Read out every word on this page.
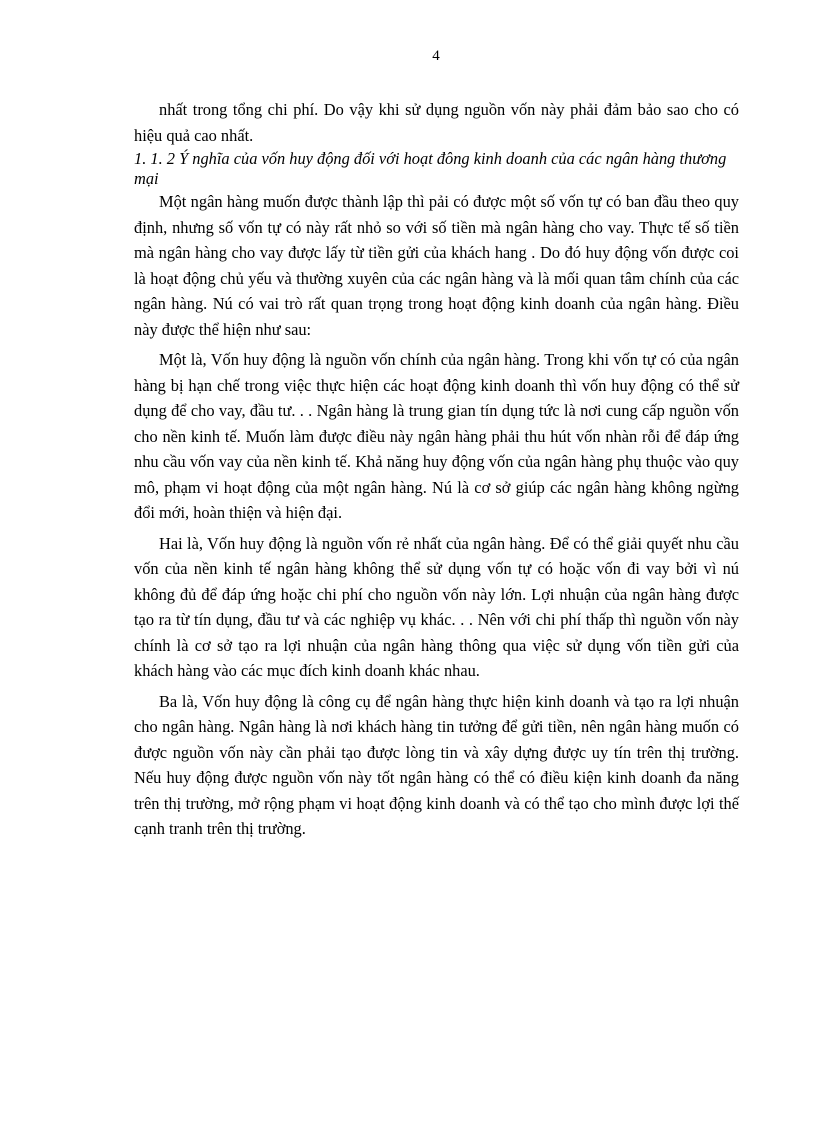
4

nhất trong tổng chi phí. Do vậy khi sử dụng nguồn vốn này phải đảm bảo sao cho có hiệu quả cao nhất.

1. 1. 2 Ý nghĩa của vốn huy động đối với hoạt đông kinh doanh của các ngân hàng thương mại

Một ngân hàng muốn được thành lập thì pải có được một số vốn tự có ban đầu theo quy định, nhưng số vốn tự có này rất nhỏ so với số tiền mà ngân hàng cho vay. Thực tế số tiền mà ngân hàng cho vay được lấy từ tiền gửi của khách hang . Do đó huy động vốn được coi là hoạt động chủ yếu và thường xuyên của các ngân hàng và là mối quan tâm chính của các ngân hàng. Nú có vai trò rất quan trọng trong hoạt động kinh doanh của ngân hàng. Điều này được thể hiện như sau:

Một là, Vốn huy động là nguồn vốn chính của ngân hàng. Trong khi vốn tự có của ngân hàng bị hạn chế trong việc thực hiện các hoạt động kinh doanh thì vốn huy động có thể sử dụng để cho vay, đầu tư. . . Ngân hàng là trung gian tín dụng tức là nơi cung cấp nguồn vốn cho nền kinh tế. Muốn làm được điều này ngân hàng phải thu hút vốn nhàn rỗi để đáp ứng nhu cầu vốn vay của nền kinh tế. Khả năng huy động vốn của ngân hàng phụ thuộc vào quy mô, phạm vi hoạt động của một ngân hàng. Nú là cơ sở giúp các ngân hàng không ngừng đổi mới, hoàn thiện và hiện đại.

Hai là, Vốn huy động là nguồn vốn rẻ nhất của ngân hàng. Để có thể giải quyết nhu cầu vốn của nền kinh tế ngân hàng không thể sử dụng vốn tự có hoặc vốn đi vay bởi vì nú không đủ để đáp ứng hoặc chi phí cho nguồn vốn này lớn. Lợi nhuận của ngân hàng được tạo ra từ tín dụng, đầu tư và các nghiệp vụ khác. . . Nên với chi phí thấp thì nguồn vốn này chính là cơ sở tạo ra lợi nhuận của ngân hàng thông qua việc sử dụng vốn tiền gửi của khách hàng vào các mục đích kinh doanh khác nhau.

Ba là, Vốn huy động là công cụ để ngân hàng thực hiện kinh doanh và tạo ra lợi nhuận cho ngân hàng. Ngân hàng là nơi khách hàng tin tưởng để gửi tiền, nên ngân hàng muốn có được nguồn vốn này cần phải tạo được lòng tin và xây dựng được uy tín trên thị trường. Nếu huy động được nguồn vốn này tốt ngân hàng có thể có điều kiện kinh doanh đa năng trên thị trường, mở rộng phạm vi hoạt động kinh doanh và có thể tạo cho mình được lợi thế cạnh tranh trên thị trường.
